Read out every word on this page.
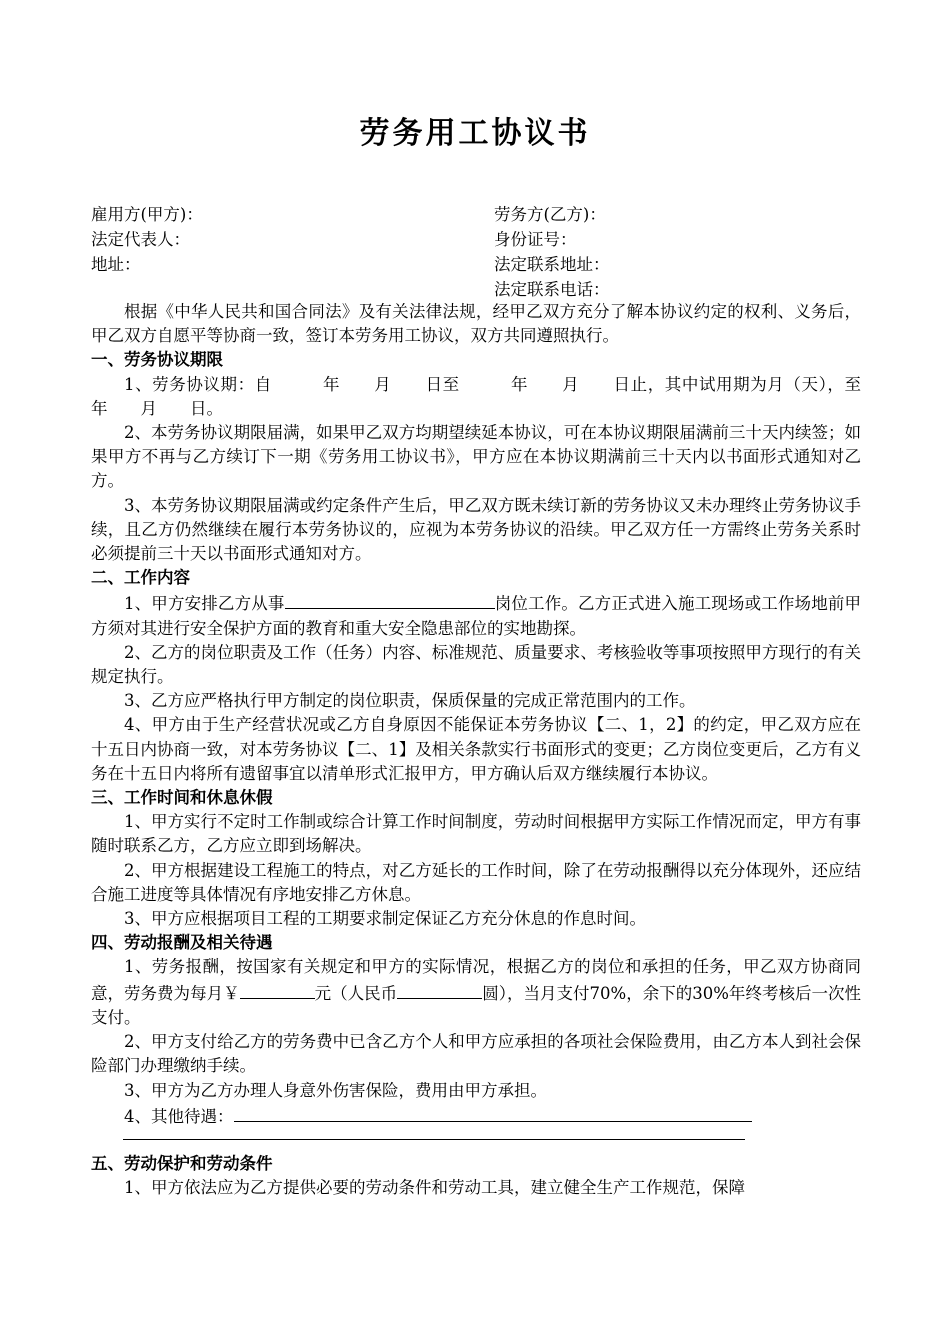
劳务用工协议书
雇用方(甲方)：	劳务方(乙方)：
法定代表人：	身份证号：
地址：	法定联系地址：
法定联系电话：

根据《中华人民共和国合同法》及有关法律法规，经甲乙双方充分了解本协议约定的权利、义务后，甲乙双方自愿平等协商一致，签订本劳务用工协议，双方共同遵照执行。

一、劳务协议期限

1、劳务协议期：自　　　年　　月　　日至　　　年　　月　　日止，其中试用期为月（天），至　　　年　　月　　日。

2、本劳务协议期限届满，如果甲乙双方均期望续延本协议，可在本协议期限届满前三十天内续签；如果甲方不再与乙方续订下一期《劳务用工协议书》，甲方应在本协议期满前三十天内以书面形式通知对乙方。

3、本劳务协议期限届满或约定条件产生后，甲乙双方既未续订新的劳务协议又未办理终止劳务协议手续，且乙方仍然继续在履行本劳务协议的，应视为本劳务协议的沿续。甲乙双方任一方需终止劳务关系时必须提前三十天以书面形式通知对方。

二、工作内容

1、甲方安排乙方从事	岗位工作。乙方正式进入施工现场或工作场地前甲方须对其进行安全保护方面的教育和重大安全隐患部位的实地勘探。

2、乙方的岗位职责及工作（任务）内容、标准规范、质量要求、考核验收等事项按照甲方现行的有关规定执行。

3、乙方应严格执行甲方制定的岗位职责，保质保量的完成正常范围内的工作。

4、甲方由于生产经营状况或乙方自身原因不能保证本劳务协议【二、1，2】的约定，甲乙双方应在十五日内协商一致，对本劳务协议【二、1】及相关条款实行书面形式的变更；乙方岗位变更后，乙方有义务在十五日内将所有遗留事宜以清单形式汇报甲方，甲方确认后双方继续履行本协议。

三、工作时间和休息休假

1、甲方实行不定时工作制或综合计算工作时间制度，劳动时间根据甲方实际工作情况而定，甲方有事随时联系乙方，乙方应立即到场解决。

2、甲方根据建设工程施工的特点，对乙方延长的工作时间，除了在劳动报酬得以充分体现外，还应结合施工进度等具体情况有序地安排乙方休息。

3、甲方应根据项目工程的工期要求制定保证乙方充分休息的作息时间。

四、劳动报酬及相关待遇

1、劳务报酬，按国家有关规定和甲方的实际情况，根据乙方的岗位和承担的任务，甲乙双方协商同意，劳务费为每月￥	元（人民币	圆），当月支付70%，余下的30%年终考核后一次性支付。

2、甲方支付给乙方的劳务费中已含乙方个人和甲方应承担的各项社会保险费用，由乙方本人到社会保险部门办理缴纳手续。

3、甲方为乙方办理人身意外伤害保险，费用由甲方承担。

4、其他待遇：

五、劳动保护和劳动条件

1、甲方依法应为乙方提供必要的劳动条件和劳动工具，建立健全生产工作规范，保障
